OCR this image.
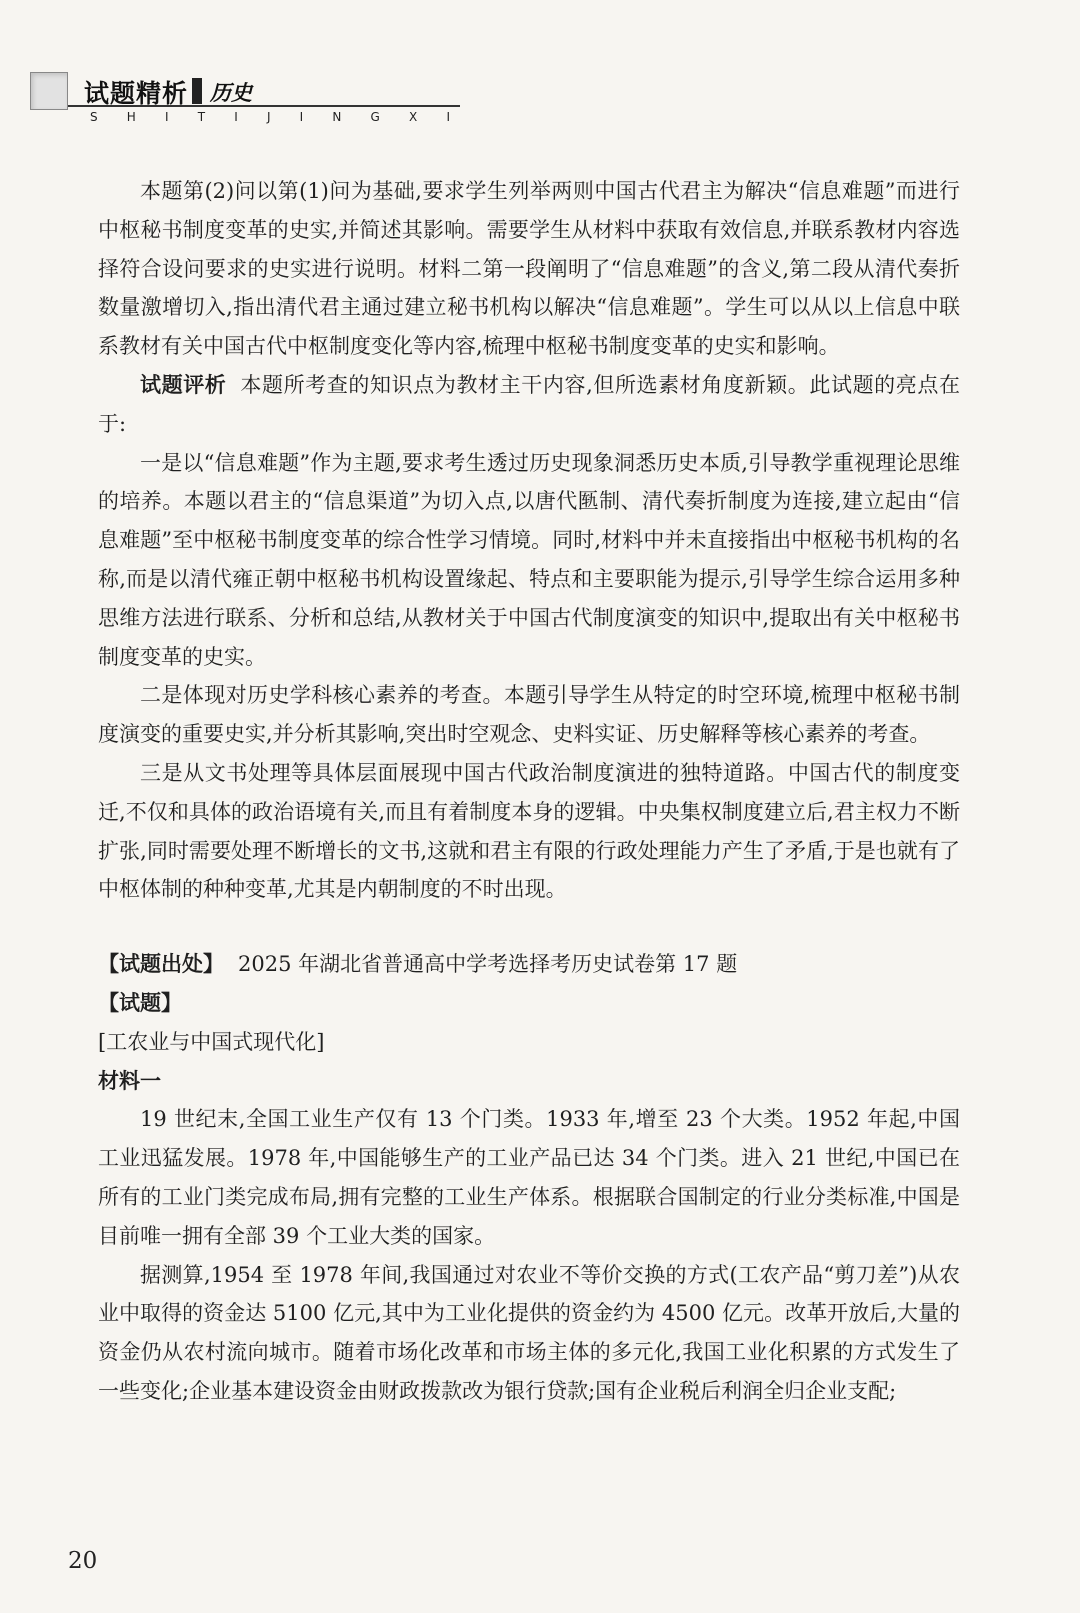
试题精析 历史
S H I T I J I N G X I

本题第(2)问以第(1)问为基础,要求学生列举两则中国古代君主为解决“信息难题”而进行中枢秘书制度变革的史实,并简述其影响。需要学生从材料中获取有效信息,并联系教材内容选择符合设问要求的史实进行说明。材料二第一段阐明了“信息难题”的含义,第二段从清代奏折数量激增切入,指出清代君主通过建立秘书机构以解决“信息难题”。学生可以从以上信息中联系教材有关中国古代中枢制度变化等内容,梳理中枢秘书制度变革的史实和影响。

试题评析 本题所考查的知识点为教材主干内容,但所选素材角度新颖。此试题的亮点在于:

一是以“信息难题”作为主题,要求考生透过历史现象洞悉历史本质,引导教学重视理论思维的培养。本题以君主的“信息渠道”为切入点,以唐代匦制、清代奏折制度为连接,建立起由“信息难题”至中枢秘书制度变革的综合性学习情境。同时,材料中并未直接指出中枢秘书机构的名称,而是以清代雍正朝中枢秘书机构设置缘起、特点和主要职能为提示,引导学生综合运用多种思维方法进行联系、分析和总结,从教材关于中国古代制度演变的知识中,提取出有关中枢秘书制度变革的史实。

二是体现对历史学科核心素养的考查。本题引导学生从特定的时空环境,梳理中枢秘书制度演变的重要史实,并分析其影响,突出时空观念、史料实证、历史解释等核心素养的考查。

三是从文书处理等具体层面展现中国古代政治制度演进的独特道路。中国古代的制度变迁,不仅和具体的政治语境有关,而且有着制度本身的逻辑。中央集权制度建立后,君主权力不断扩张,同时需要处理不断增长的文书,这就和君主有限的行政处理能力产生了矛盾,于是也就有了中枢体制的种种变革,尤其是内朝制度的不时出现。

【试题出处】 2025 年湖北省普通高中学考选择考历史试卷第 17 题

【试题】

[工农业与中国式现代化]

材料一

19 世纪末,全国工业生产仅有 13 个门类。1933 年,增至 23 个大类。1952 年起,中国工业迅猛发展。1978 年,中国能够生产的工业产品已达 34 个门类。进入 21 世纪,中国已在所有的工业门类完成布局,拥有完整的工业生产体系。根据联合国制定的行业分类标准,中国是目前唯一拥有全部 39 个工业大类的国家。

据测算,1954 至 1978 年间,我国通过对农业不等价交换的方式(工农产品“剪刀差”)从农业中取得的资金达 5100 亿元,其中为工业化提供的资金约为 4500 亿元。改革开放后,大量的资金仍从农村流向城市。随着市场化改革和市场主体的多元化,我国工业化积累的方式发生了一些变化;企业基本建设资金由财政拨款改为银行贷款;国有企业税后利润全归企业支配;

20
